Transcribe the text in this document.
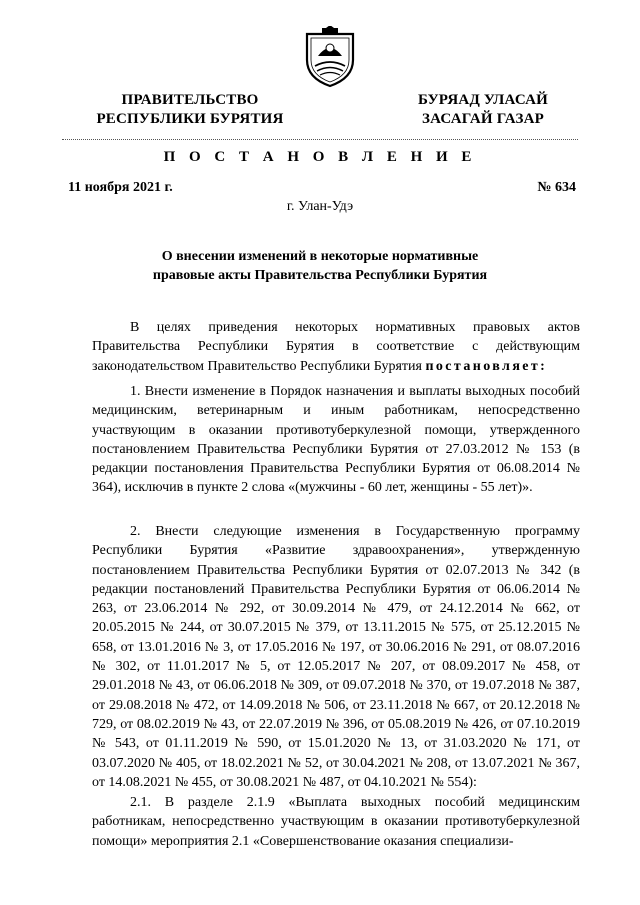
ПРАВИТЕЛЬСТВО
РЕСПУБЛИКИ БУРЯТИЯ
БУРЯАД УЛАСАЙ
ЗАСАГАЙ ГАЗАР
П О С Т А Н О В Л Е Н И Е
11 ноября 2021 г.	№ 634
г. Улан-Удэ
О внесении изменений в некоторые нормативные
правовые акты Правительства Республики Бурятия

В целях приведения некоторых нормативных правовых актов Правительства Республики Бурятия в соответствие с действующим законодательством Правительство Республики Бурятия постановляет:

1. Внести изменение в Порядок назначения и выплаты выходных пособий медицинским, ветеринарным и иным работникам, непосредственно участвующим в оказании противотуберкулезной помощи, утвержденного постановлением Правительства Республики Бурятия от 27.03.2012 № 153 (в редакции постановления Правительства Республики Бурятия от 06.08.2014 № 364), исключив в пункте 2 слова «(мужчины - 60 лет, женщины - 55 лет)».

2. Внести следующие изменения в Государственную программу Республики Бурятия «Развитие здравоохранения», утвержденную постановлением Правительства Республики Бурятия от 02.07.2013 № 342 (в редакции постановлений Правительства Республики Бурятия от 06.06.2014 № 263, от 23.06.2014 № 292, от 30.09.2014 № 479, от 24.12.2014 № 662, от 20.05.2015 № 244, от 30.07.2015 № 379, от 13.11.2015 № 575, от 25.12.2015 № 658, от 13.01.2016 № 3, от 17.05.2016 № 197, от 30.06.2016 № 291, от 08.07.2016 № 302, от 11.01.2017 № 5, от 12.05.2017 № 207, от 08.09.2017 № 458, от 29.01.2018 № 43, от 06.06.2018 № 309, от 09.07.2018 № 370, от 19.07.2018 № 387, от 29.08.2018 № 472, от 14.09.2018 № 506, от 23.11.2018 № 667, от 20.12.2018 № 729, от 08.02.2019 № 43, от 22.07.2019 № 396, от 05.08.2019 № 426, от 07.10.2019 № 543, от 01.11.2019 № 590, от 15.01.2020 № 13, от 31.03.2020 № 171, от 03.07.2020 № 405, от 18.02.2021 № 52, от 30.04.2021 № 208, от 13.07.2021 № 367, от 14.08.2021 № 455, от 30.08.2021 № 487, от 04.10.2021 № 554):

2.1. В разделе 2.1.9 «Выплата выходных пособий медицинским работникам, непосредственно участвующим в оказании противотуберкулезной помощи» мероприятия 2.1 «Совершенствование оказания специализи-
